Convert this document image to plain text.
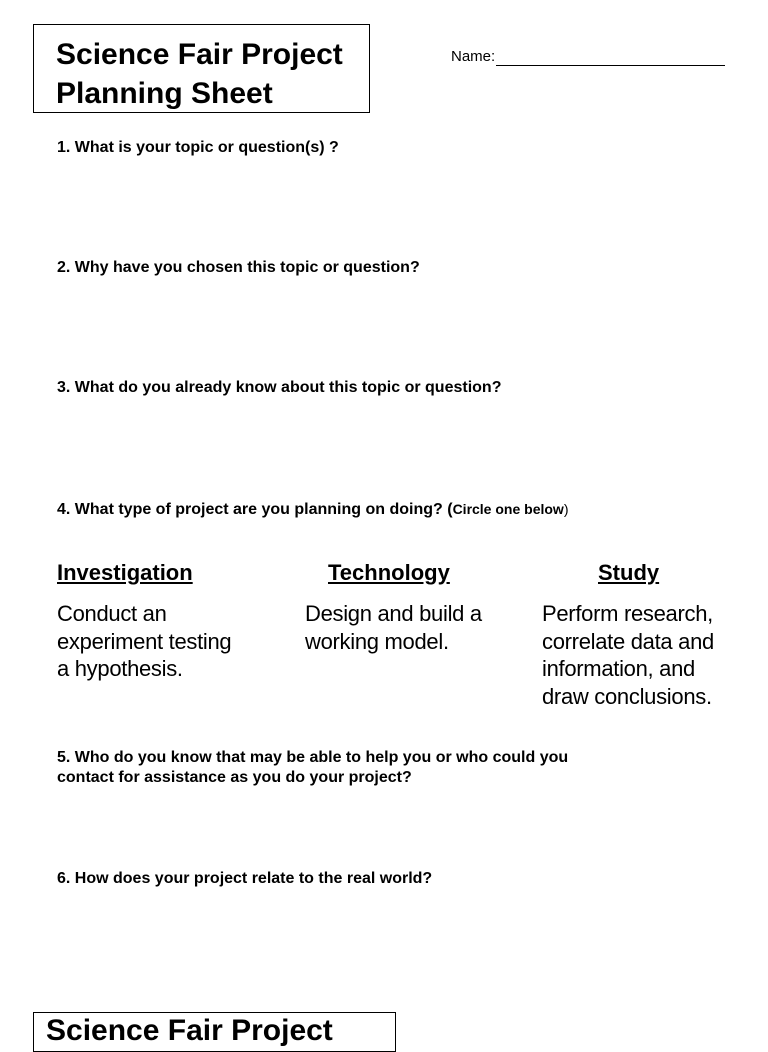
Science Fair Project
Planning Sheet
Name:
1. What is your topic or question(s) ?
2. Why have you chosen this topic or question?
3. What do you already know about this topic or question?
4. What type of project are you planning on doing? (Circle one below)
Investigation	Technology	Study
Conduct an
experiment testing
a hypothesis.
Design and build a
working model.
Perform research,
correlate data and
information, and
draw conclusions.
5. Who do you know that may be able to help you or who could you
contact for assistance as you do your project?
6. How does your project relate to the real world?
Science Fair Project
